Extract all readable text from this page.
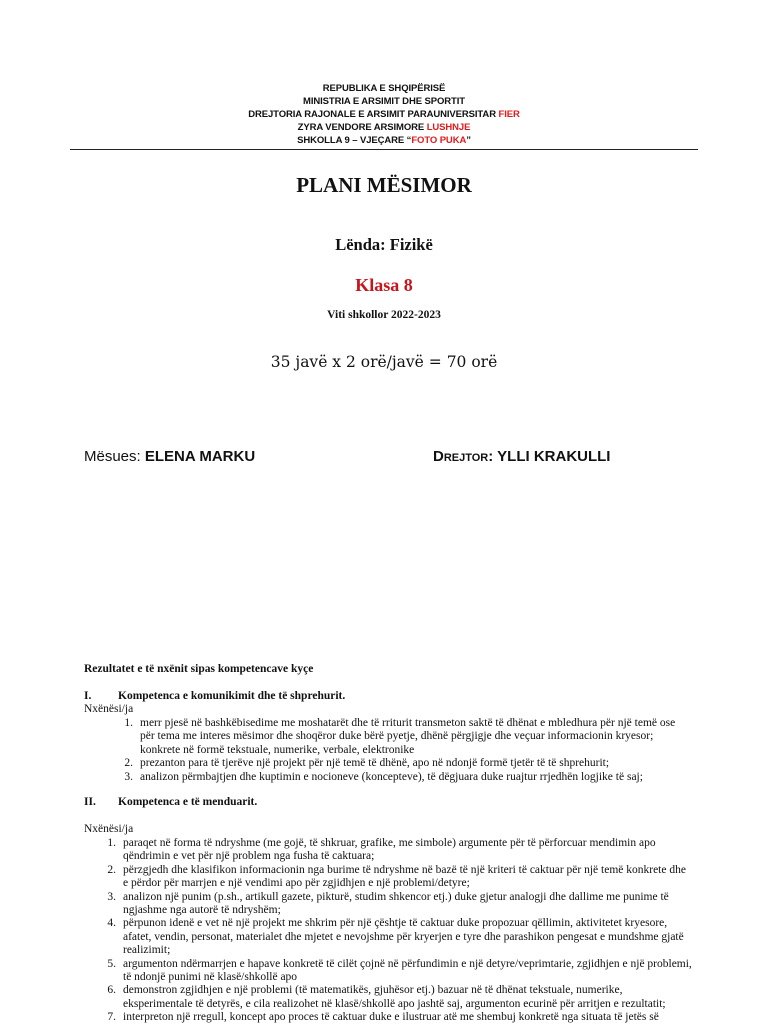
REPUBLIKA E SHQIPËRISË
MINISTRIA E ARSIMIT DHE SPORTIT
DREJTORIA RAJONALE E ARSIMIT PARAUNIVERSITAR FIER
ZYRA VENDORE ARSIMORE LUSHNJE
SHKOLLA 9 – VJEÇARE “FOTO PUKA”
PLANI MËSIMOR
Lënda: Fizikë
Klasa 8
Viti shkollor 2022-2023
35 javë x 2 orë/javë = 70 orë
Mësues: ELENA MARKU	Drejtor: YLLI KRAKULLI
Rezultatet e të nxënit sipas kompetencave kyçe
I. Kompetenca e komunikimit dhe të shprehurit.
Nxënësi/ja
1. merr pjesë në bashkëbisedime me moshatarët dhe të rriturit transmeton saktë të dhënat e mbledhura për një temë ose
për tema me interes mësimor dhe shoqëror duke bërë pyetje, dhënë përgjigje dhe veçuar informacionin kryesor;
konkrete në formë tekstuale, numerike, verbale, elektronike
2. prezanton para të tjerëve një projekt për një temë të dhënë, apo në ndonjë formë tjetër të të shprehurit;
3. analizon përmbajtjen dhe kuptimin e nocioneve (koncepteve), të dëgjuara duke ruajtur rrjedhën logjike të saj;
II. Kompetenca e të menduarit.
Nxënësi/ja
1. paraqet në forma të ndryshme (me gojë, të shkruar, grafike, me simbole) argumente për të përforcuar mendimin apo
qëndrimin e vet për një problem nga fusha të caktuara;
2. përzgjedh dhe klasifikon informacionin nga burime të ndryshme në bazë të një kriteri të caktuar për një temë konkrete dhe
e përdor për marrjen e një vendimi apo për zgjidhjen e një problemi/detyre;
3. analizon një punim (p.sh., artikull gazete, pikturë, studim shkencor etj.) duke gjetur analogji dhe dallime me punime të
ngjashme nga autorë të ndryshëm;
4. përpunon idenë e vet në një projekt me shkrim për një çështje të caktuar duke propozuar qëllimin, aktivitetet kryesore,
afatet, vendin, personat, materialet dhe mjetet e nevojshme për kryerjen e tyre dhe parashikon pengesat e mundshme gjatë
realizimit;
5. argumenton ndërmarrjen e hapave konkretë të cilët çojnë në përfundimin e një detyre/veprimtarie, zgjidhjen e një problemi,
të ndonjë punimi në klasë/shkollë apo
6. demonstron zgjidhjen e një problemi (të matematikës, gjuhësor etj.) bazuar në të dhënat tekstuale, numerike,
eksperimentale të detyrës, e cila realizohet në klasë/shkollë apo jashtë saj, argumenton ecurinë për arritjen e rezultatit;
7. interpreton një rregull, koncept apo proces të caktuar duke e ilustruar atë me shembuj konkretë nga situata të jetës së
